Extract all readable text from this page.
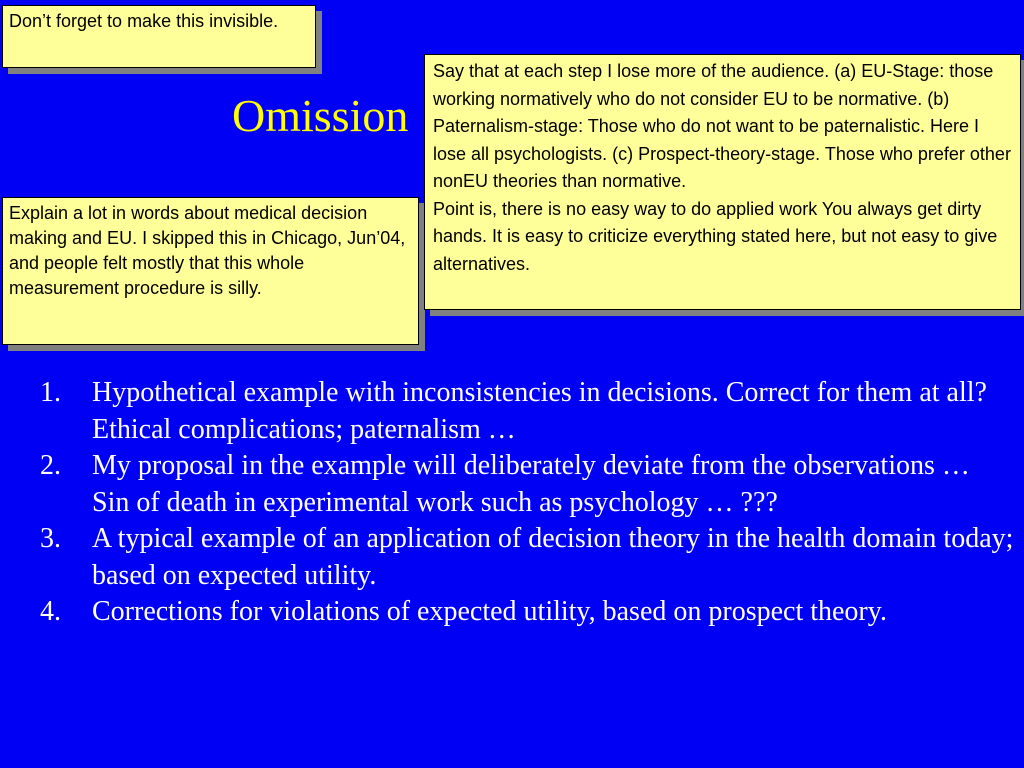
Omission
1.	Hypothetical example with inconsistencies in decisions. Correct for them at all? Ethical complications; paternalism …
2.	My proposal in the example will deliberately deviate from the observations …
Sin of death in experimental work such as psychology … ???
3.	A typical example of an application of decision theory in the health domain today; based on expected utility.
4.	Corrections for violations of expected utility, based on prospect theory.

Don’t forget to make this invisible.

Explain a lot in words about medical decision making and EU. I skipped this in Chicago, Jun’04, and people felt mostly that this whole measurement procedure is silly.

Say that at each step I lose more of the audience. (a) EU-Stage: those working normatively who do not consider EU to be normative. (b) Paternalism-stage: Those who do not want to be paternalistic. Here I lose all psychologists. (c) Prospect-theory-stage. Those who prefer other nonEU theories than normative.
Point is, there is no easy way to do applied work You always get dirty hands. It is easy to criticize everything stated here, but not easy to give alternatives.
